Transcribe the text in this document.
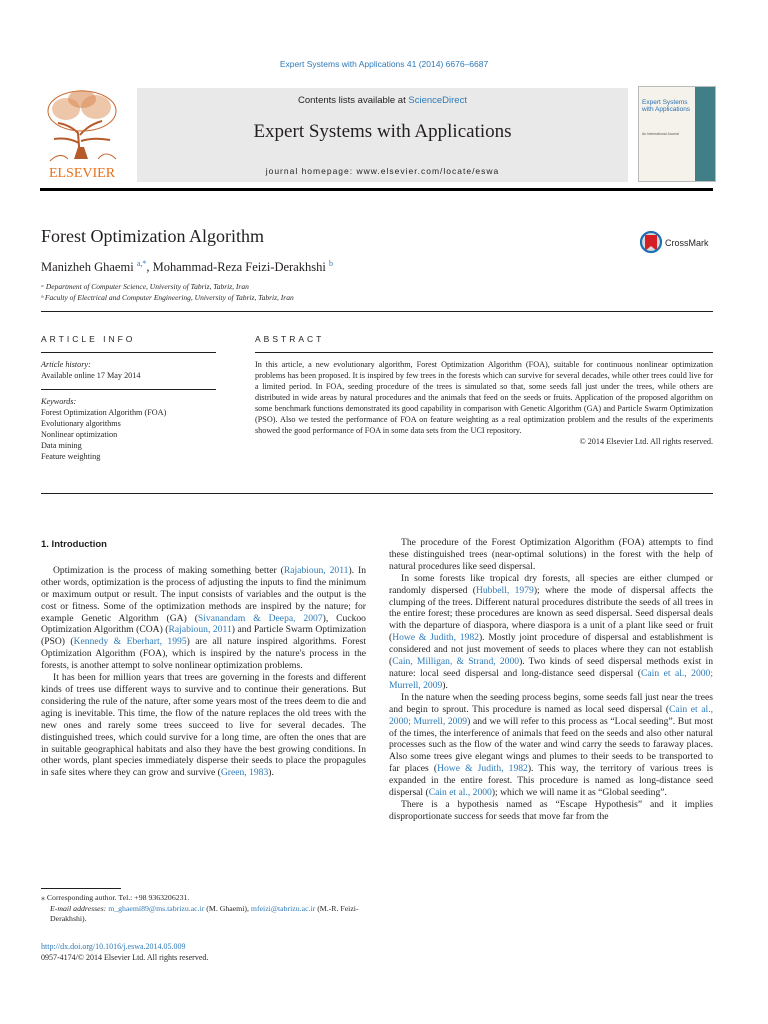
Expert Systems with Applications 41 (2014) 6676–6687
ELSEVIER
Contents lists available at ScienceDirect
Expert Systems with Applications
journal homepage: www.elsevier.com/locate/eswa
Expert Systems with Applications
An International Journal
Forest Optimization Algorithm	CrossMark
Manizheh Ghaemi $^{a,*}$, Mohammad-Reza Feizi-Derakhshi $^b$
ᵃ Department of Computer Science, University of Tabriz, Tabriz, Iran
ᵇ Faculty of Electrical and Computer Engineering, University of Tabriz, Tabriz, Iran
ARTICLE INFO	ABSTRACT
Article history:
Available online 17 May 2014
Keywords:
Forest Optimization Algorithm (FOA)
Evolutionary algorithms
Nonlinear optimization
Data mining
Feature weighting
In this article, a new evolutionary algorithm, Forest Optimization Algorithm (FOA), suitable for continuous nonlinear optimization problems has been proposed. It is inspired by few trees in the forests which can survive for several decades, while other trees could live for a limited period. In FOA, seeding procedure of the trees is simulated so that, some seeds fall just under the trees, while others are distributed in wide areas by natural procedures and the animals that feed on the seeds or fruits. Application of the proposed algorithm on some benchmark functions demonstrated its good capability in comparison with Genetic Algorithm (GA) and Particle Swarm Optimization (PSO). Also we tested the performance of FOA on feature weighting as a real optimization problem and the results of the experiments showed the good performance of FOA in some data sets from the UCI repository.
© 2014 Elsevier Ltd. All rights reserved.
1. Introduction

Optimization is the process of making something better (Rajabioun, 2011). In other words, optimization is the process of adjusting the inputs to find the minimum or maximum output or result. The input consists of variables and the output is the cost or fitness. Some of the optimization methods are inspired by the nature; for example Genetic Algorithm (GA) (Sivanandam & Deepa, 2007), Cuckoo Optimization Algorithm (COA) (Rajabioun, 2011) and Particle Swarm Optimization (PSO) (Kennedy & Eberhart, 1995) are all nature inspired algorithms. Forest Optimization Algorithm (FOA), which is inspired by the nature's process in the forests, is another attempt to solve nonlinear optimization problems.

It has been for million years that trees are governing in the forests and different kinds of trees use different ways to survive and to continue their generations. But considering the rule of the nature, after some years most of the trees deem to die and aging is inevitable. This time, the flow of the nature replaces the old trees with the new ones and rarely some trees succeed to live for several decades. The distinguished trees, which could survive for a long time, are often the ones that are in suitable geographical habitats and also they have the best growing conditions. In other words, plant species immediately disperse their seeds to place the propagules in safe sites where they can grow and survive (Green, 1983).

The procedure of the Forest Optimization Algorithm (FOA) attempts to find these distinguished trees (near-optimal solutions) in the forest with the help of natural procedures like seed dispersal.

In some forests like tropical dry forests, all species are either clumped or randomly dispersed (Hubbell, 1979); where the mode of dispersal affects the clumping of the trees. Different natural procedures distribute the seeds of all trees in the entire forest; these procedures are known as seed dispersal. Seed dispersal deals with the departure of diaspora, where diaspora is a unit of a plant like seed or fruit (Howe & Judith, 1982). Mostly joint procedure of dispersal and establishment is considered and not just movement of seeds to places where they can not establish (Cain, Milligan, & Strand, 2000). Two kinds of seed dispersal methods exist in nature: local seed dispersal and long-distance seed dispersal (Cain et al., 2000; Murrell, 2009).

In the nature when the seeding process begins, some seeds fall just near the trees and begin to sprout. This procedure is named as local seed dispersal (Cain et al., 2000; Murrell, 2009) and we will refer to this process as “Local seeding”. But most of the times, the interference of animals that feed on the seeds and also other natural processes such as the flow of the water and wind carry the seeds to faraway places. Also some trees give elegant wings and plumes to their seeds to be transported to far places (Howe & Judith, 1982). This way, the territory of various trees is expanded in the entire forest. This procedure is named as long-distance seed dispersal (Cain et al., 2000); which we will name it as “Global seeding”.

There is a hypothesis named as “Escape Hypothesis” and it implies disproportionate success for seeds that move far from the

⁎ Corresponding author. Tel.: +98 9363206231.
E-mail addresses: m_ghaemi89@ms.tabrizu.ac.ir (M. Ghaemi), mfeizi@tabrizu.ac.ir (M.-R. Feizi-Derakhshi).
http://dx.doi.org/10.1016/j.eswa.2014.05.009
0957-4174/© 2014 Elsevier Ltd. All rights reserved.
